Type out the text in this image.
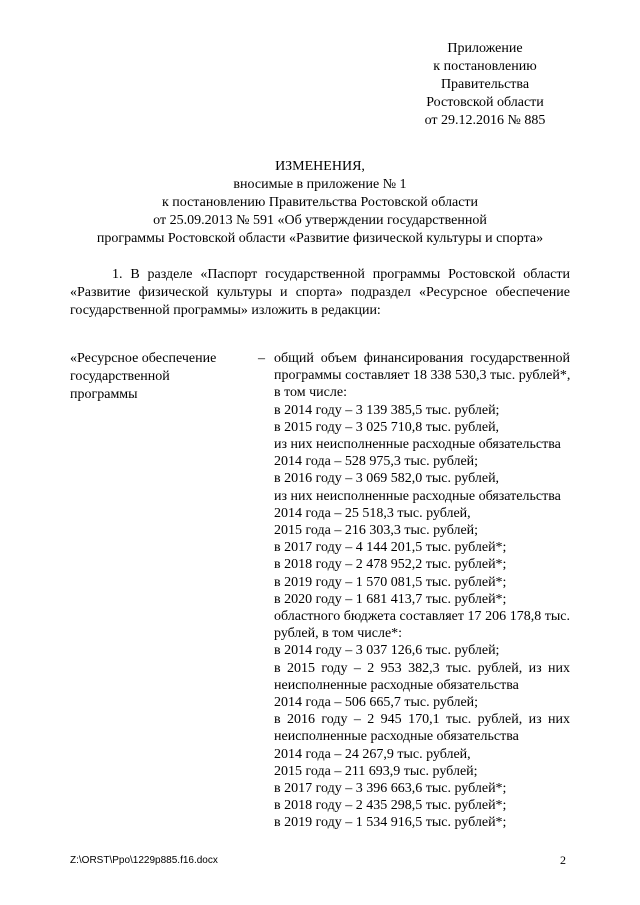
Приложение
к постановлению
Правительства
Ростовской области
от 29.12.2016 № 885
ИЗМЕНЕНИЯ,
вносимые в приложение № 1
к постановлению Правительства Ростовской области
от 25.09.2013 № 591 «Об утверждении государственной
программы Ростовской области «Развитие физической культуры и спорта»
1. В разделе «Паспорт государственной программы Ростовской области
«Развитие физической культуры и спорта» подраздел «Ресурсное обеспечение
государственной программы» изложить в редакции:
«Ресурсное обеспечение
государственной
программы
– общий объем финансирования государственной
программы составляет 18 338 530,3 тыс. рублей*,
в том числе:
в 2014 году – 3 139 385,5 тыс. рублей;
в 2015 году – 3 025 710,8 тыс. рублей,
из них неисполненные расходные обязательства
2014 года – 528 975,3 тыс. рублей;
в 2016 году – 3 069 582,0 тыс. рублей,
из них неисполненные расходные обязательства
2014 года – 25 518,3 тыс. рублей,
2015 года – 216 303,3 тыс. рублей;
в 2017 году – 4 144 201,5 тыс. рублей*;
в 2018 году – 2 478 952,2 тыс. рублей*;
в 2019 году – 1 570 081,5 тыс. рублей*;
в 2020 году – 1 681 413,7 тыс. рублей*;
областного бюджета составляет 17 206 178,8 тыс.
рублей, в том числе*:
в 2014 году – 3 037 126,6 тыс. рублей;
в 2015 году – 2 953 382,3 тыс. рублей, из них
неисполненные расходные обязательства
2014 года – 506 665,7 тыс. рублей;
в 2016 году – 2 945 170,1 тыс. рублей, из них
неисполненные расходные обязательства
2014 года – 24 267,9 тыс. рублей,
2015 года – 211 693,9 тыс. рублей;
в 2017 году – 3 396 663,6 тыс. рублей*;
в 2018 году – 2 435 298,5 тыс. рублей*;
в 2019 году – 1 534 916,5 тыс. рублей*;
Z:\ORST\Ppo\1229p885.f16.docx	2
